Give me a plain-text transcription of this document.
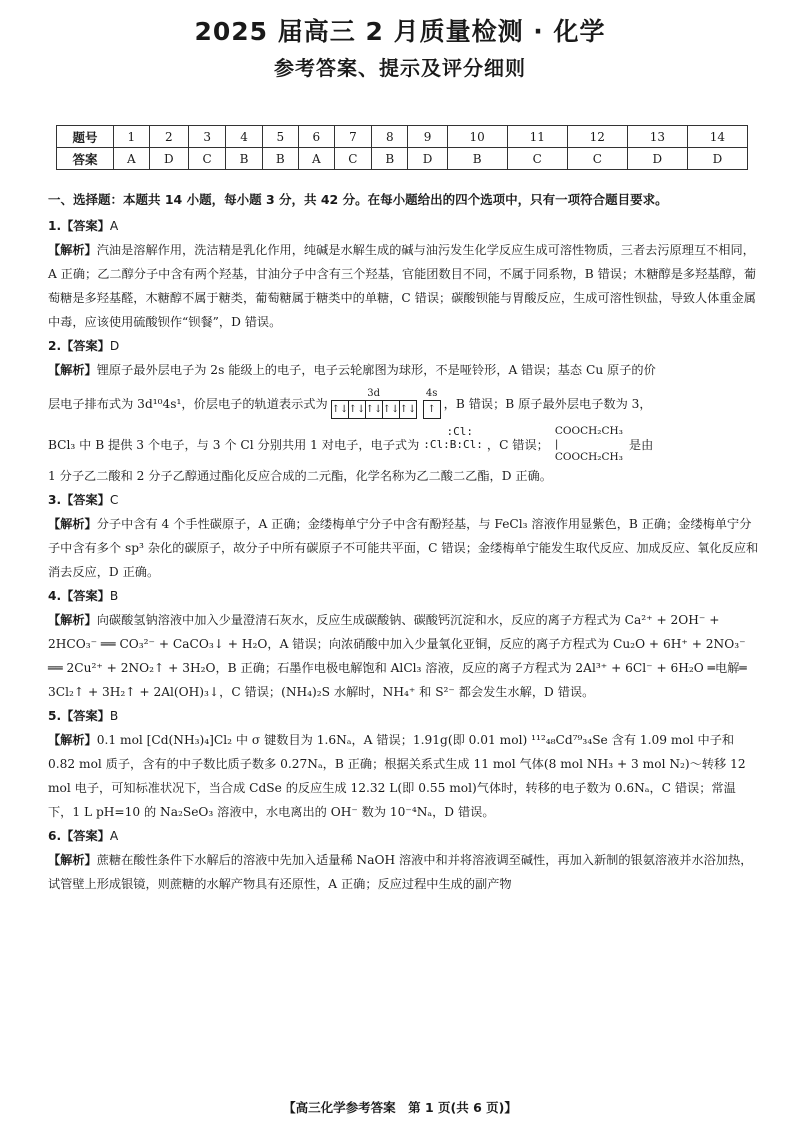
2025 届高三 2 月质量检测 · 化学
参考答案、提示及评分细则
题号	1	2	3	4	5	6	7	8	9	10	11	12	13	14
答案	A	D	C	B	B	A	C	B	D	B	C	C	D	D
一、选择题：本题共 14 小题，每小题 3 分，共 42 分。在每小题给出的四个选项中，只有一项符合题目要求。
1.【答案】A
【解析】汽油是溶解作用，洗洁精是乳化作用，纯碱是水解生成的碱与油污发生化学反应生成可溶性物质，三者去污原理互不相同，A 正确；乙二醇分子中含有两个羟基，甘油分子中含有三个羟基，官能团数目不同，不属于同系物，B 错误；木糖醇是多羟基醇，葡萄糖是多羟基醛，木糖醇不属于糖类，葡萄糖属于糖类中的单糖，C 错误；碳酸钡能与胃酸反应，生成可溶性钡盐，导致人体重金属中毒，应该使用硫酸钡作“钡餐”，D 错误。
2.【答案】D
【解析】锂原子最外层电子为 2s 能级上的电子，电子云轮廓图为球形，不是哑铃形，A 错误；基态 Cu 原子的价
层电子排布式为 3d¹⁰4s¹，价层电子的轨道表示式为
3d
↑↓ ↑↓ ↑↓ ↑↓ ↑↓
4s
↑ ，B 错误；B 原子最外层电子数为 3，
BCl₃ 中 B 提供 3 个电子，与 3 个 Cl 分别共用 1 对电子，电子式为
:Cl:
:Cl:B:Cl:
，C 错误；
COOCH₂CH₃
|
COOCH₂CH₃
是由
1 分子乙二酸和 2 分子乙醇通过酯化反应合成的二元酯，化学名称为乙二酸二乙酯，D 正确。
3.【答案】C
【解析】分子中含有 4 个手性碳原子，A 正确；金缕梅单宁分子中含有酚羟基，与 FeCl₃ 溶液作用显紫色，B 正确；金缕梅单宁分子中含有多个 sp³ 杂化的碳原子，故分子中所有碳原子不可能共平面，C 错误；金缕梅单宁能发生取代反应、加成反应、氧化反应和消去反应，D 正确。
4.【答案】B
【解析】向碳酸氢钠溶液中加入少量澄清石灰水，反应生成碳酸钠、碳酸钙沉淀和水，反应的离子方程式为 Ca²⁺ + 2OH⁻ + 2HCO₃⁻ ══ CO₃²⁻ + CaCO₃↓ + H₂O，A 错误；向浓硝酸中加入少量氧化亚铜，反应的离子方程式为 Cu₂O + 6H⁺ + 2NO₃⁻ ══ 2Cu²⁺ + 2NO₂↑ + 3H₂O，B 正确；石墨作电极电解饱和 AlCl₃ 溶液，反应的离子方程式为 2Al³⁺ + 6Cl⁻ + 6H₂O ═电解═ 3Cl₂↑ + 3H₂↑ + 2Al(OH)₃↓，C 错误；(NH₄)₂S 水解时，NH₄⁺ 和 S²⁻ 都会发生水解，D 错误。
5.【答案】B
【解析】0.1 mol [Cd(NH₃)₄]Cl₂ 中 σ 键数目为 1.6Nₐ，A 错误；1.91g(即 0.01 mol) ¹¹²₄₈Cd⁷⁹₃₄Se 含有 1.09 mol 中子和 0.82 mol 质子，含有的中子数比质子数多 0.27Nₐ，B 正确；根据关系式生成 11 mol 气体(8 mol NH₃ + 3 mol N₂)～转移 12 mol 电子，可知标准状况下，当合成 CdSe 的反应生成 12.32 L(即 0.55 mol)气体时，转移的电子数为 0.6Nₐ，C 错误；常温下，1 L pH=10 的 Na₂SeO₃ 溶液中，水电离出的 OH⁻ 数为 10⁻⁴Nₐ，D 错误。
6.【答案】A
【解析】蔗糖在酸性条件下水解后的溶液中先加入适量稀 NaOH 溶液中和并将溶液调至碱性，再加入新制的银氨溶液并水浴加热，试管壁上形成银镜，则蔗糖的水解产物具有还原性，A 正确；反应过程中生成的副产物
【高三化学参考答案　第 1 页(共 6 页)】
